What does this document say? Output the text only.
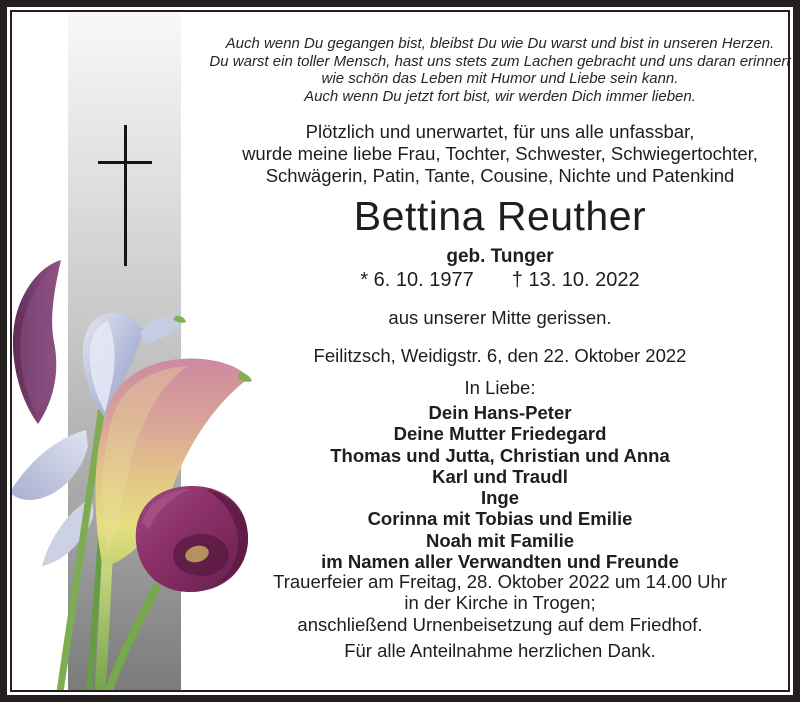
Auch wenn Du gegangen bist, bleibst Du wie Du warst und bist in unseren Herzen.
Du warst ein toller Mensch, hast uns stets zum Lachen gebracht und uns daran erinnert
wie schön das Leben mit Humor und Liebe sein kann.
Auch wenn Du jetzt fort bist, wir werden Dich immer lieben.
Plötzlich und unerwartet, für uns alle unfassbar,
wurde meine liebe Frau, Tochter, Schwester, Schwiegertochter,
Schwägerin, Patin, Tante, Cousine, Nichte und Patenkind
Bettina Reuther
geb. Tunger
* 6. 10. 1977 † 13. 10. 2022
aus unserer Mitte gerissen.
Feilitzsch, Weidigstr. 6, den 22. Oktober 2022
In Liebe:
Dein Hans-Peter
Deine Mutter Friedegard
Thomas und Jutta, Christian und Anna
Karl und Traudl
Inge
Corinna mit Tobias und Emilie
Noah mit Familie
im Namen aller Verwandten und Freunde
Trauerfeier am Freitag, 28. Oktober 2022 um 14.00 Uhr
in der Kirche in Trogen;
anschließend Urnenbeisetzung auf dem Friedhof.
Für alle Anteilnahme herzlichen Dank.
